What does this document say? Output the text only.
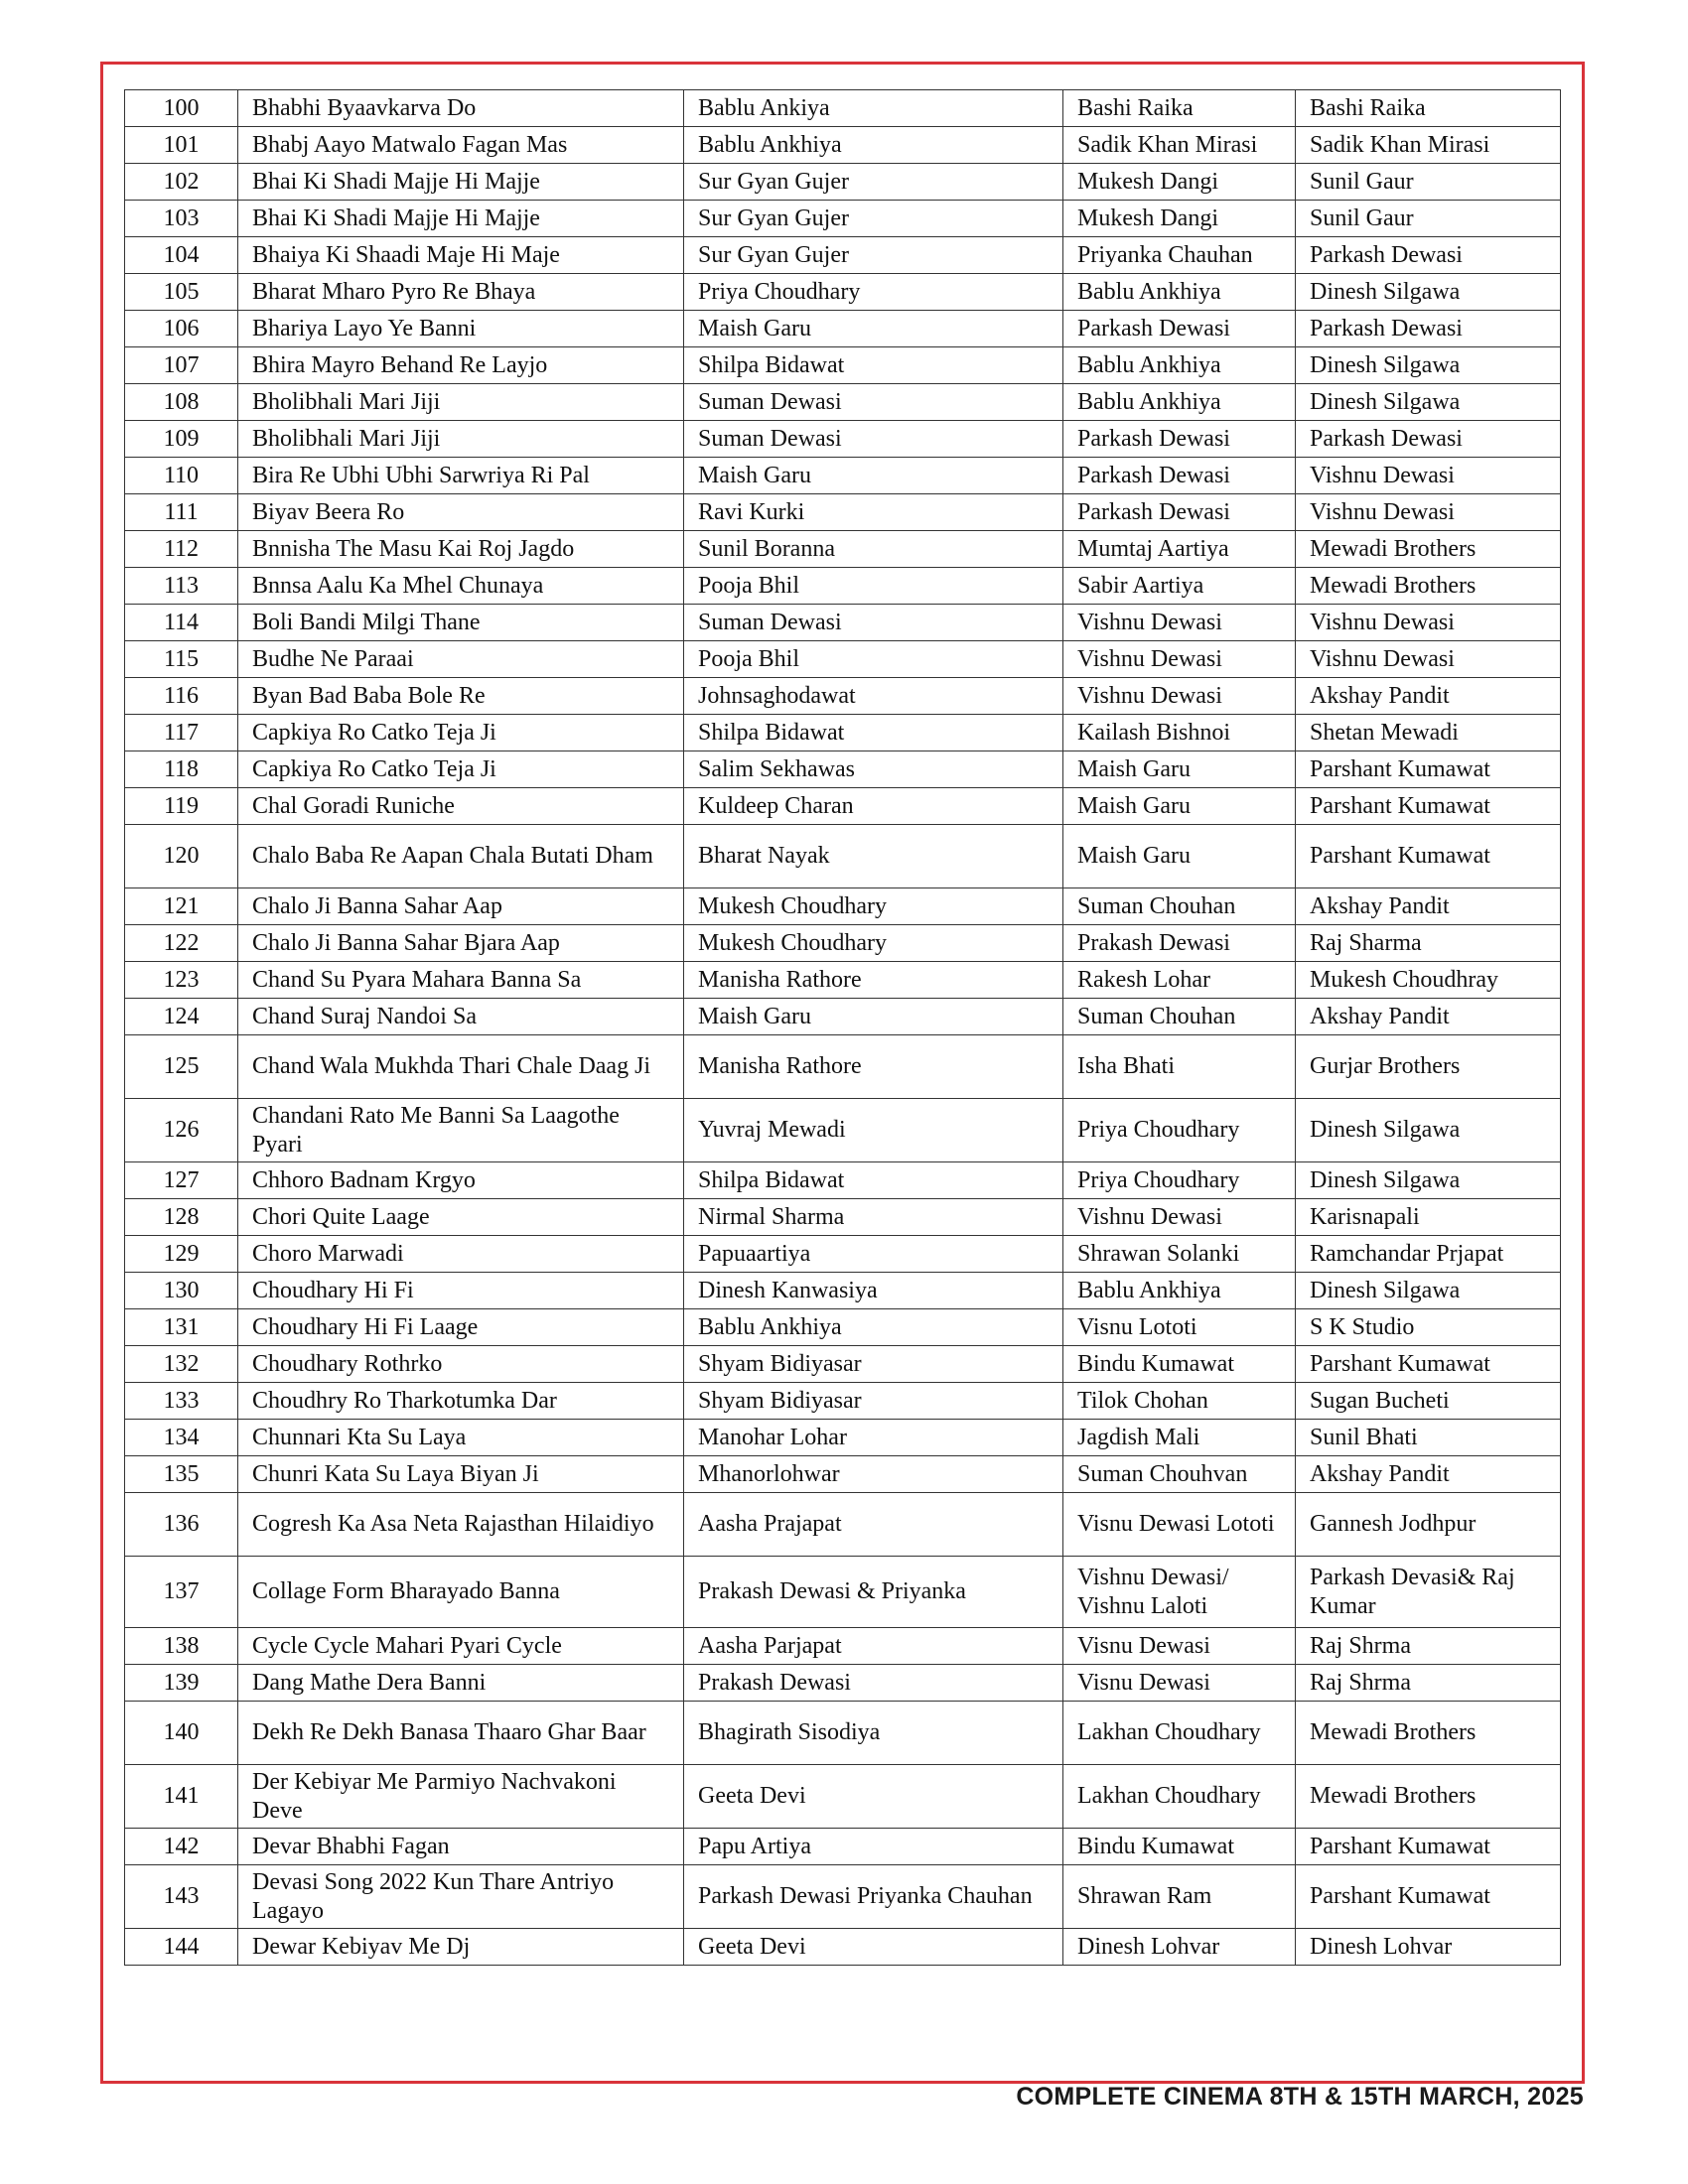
100	Bhabhi Byaavkarva Do	Bablu Ankiya	Bashi Raika	Bashi Raika
101	Bhabj Aayo Matwalo Fagan Mas	Bablu Ankhiya	Sadik Khan Mirasi	Sadik Khan Mirasi
102	Bhai Ki Shadi Majje Hi Majje	Sur Gyan Gujer	Mukesh Dangi	Sunil Gaur
103	Bhai Ki Shadi Majje Hi Majje	Sur Gyan Gujer	Mukesh Dangi	Sunil Gaur
104	Bhaiya Ki Shaadi Maje Hi Maje	Sur Gyan Gujer	Priyanka Chauhan	Parkash Dewasi
105	Bharat Mharo Pyro Re Bhaya	Priya Choudhary	Bablu Ankhiya	Dinesh Silgawa
106	Bhariya Layo Ye Banni	Maish Garu	Parkash Dewasi	Parkash Dewasi
107	Bhira Mayro Behand Re Layjo	Shilpa Bidawat	Bablu Ankhiya	Dinesh Silgawa
108	Bholibhali Mari Jiji	Suman Dewasi	Bablu Ankhiya	Dinesh Silgawa
109	Bholibhali Mari Jiji	Suman Dewasi	Parkash Dewasi	Parkash Dewasi
110	Bira Re Ubhi Ubhi Sarwriya Ri Pal	Maish Garu	Parkash Dewasi	Vishnu Dewasi
111	Biyav Beera Ro	Ravi Kurki	Parkash Dewasi	Vishnu Dewasi
112	Bnnisha The Masu Kai Roj Jagdo	Sunil Boranna	Mumtaj Aartiya	Mewadi Brothers
113	Bnnsa Aalu Ka Mhel Chunaya	Pooja Bhil	Sabir Aartiya	Mewadi Brothers
114	Boli Bandi Milgi Thane	Suman Dewasi	Vishnu Dewasi	Vishnu Dewasi
115	Budhe Ne Paraai	Pooja Bhil	Vishnu Dewasi	Vishnu Dewasi
116	Byan Bad Baba Bole Re	Johnsaghodawat	Vishnu Dewasi	Akshay Pandit
117	Capkiya Ro Catko Teja Ji	Shilpa Bidawat	Kailash Bishnoi	Shetan Mewadi
118	Capkiya Ro Catko Teja Ji	Salim Sekhawas	Maish Garu	Parshant Kumawat
119	Chal Goradi Runiche	Kuldeep Charan	Maish Garu	Parshant Kumawat
120	Chalo Baba Re Aapan Chala Butati Dham	Bharat Nayak	Maish Garu	Parshant Kumawat
121	Chalo Ji Banna Sahar Aap	Mukesh Choudhary	Suman Chouhan	Akshay Pandit
122	Chalo Ji Banna Sahar Bjara Aap	Mukesh Choudhary	Prakash Dewasi	Raj Sharma
123	Chand Su Pyara Mahara Banna Sa	Manisha Rathore	Rakesh Lohar	Mukesh Choudhray
124	Chand Suraj Nandoi Sa	Maish Garu	Suman Chouhan	Akshay Pandit
125	Chand Wala Mukhda Thari Chale Daag Ji	Manisha Rathore	Isha Bhati	Gurjar Brothers
126	Chandani Rato Me Banni Sa Laagothe Pyari	Yuvraj Mewadi	Priya Choudhary	Dinesh Silgawa
127	Chhoro Badnam Krgyo	Shilpa Bidawat	Priya Choudhary	Dinesh Silgawa
128	Chori Quite Laage	Nirmal Sharma	Vishnu Dewasi	Karisnapali
129	Choro Marwadi	Papuaartiya	Shrawan Solanki	Ramchandar Prjapat
130	Choudhary Hi Fi	Dinesh Kanwasiya	Bablu Ankhiya	Dinesh Silgawa
131	Choudhary Hi Fi Laage	Bablu Ankhiya	Visnu Lototi	S K Studio
132	Choudhary Rothrko	Shyam Bidiyasar	Bindu Kumawat	Parshant Kumawat
133	Choudhry Ro Tharkotumka Dar	Shyam Bidiyasar	Tilok Chohan	Sugan Bucheti
134	Chunnari Kta Su Laya	Manohar Lohar	Jagdish Mali	Sunil Bhati
135	Chunri Kata Su Laya Biyan Ji	Mhanorlohwar	Suman Chouhvan	Akshay Pandit
136	Cogresh Ka Asa Neta Rajasthan Hilaidiyo	Aasha Prajapat	Visnu Dewasi Lototi	Gannesh Jodhpur
137	Collage Form Bharayado Banna	Prakash Dewasi & Priyanka	Vishnu Dewasi/ Vishnu Laloti	Parkash Devasi& Raj Kumar
138	Cycle Cycle Mahari Pyari Cycle	Aasha Parjapat	Visnu Dewasi	Raj Shrma
139	Dang Mathe Dera Banni	Prakash Dewasi	Visnu Dewasi	Raj Shrma
140	Dekh Re Dekh Banasa Thaaro Ghar Baar	Bhagirath Sisodiya	Lakhan Choudhary	Mewadi Brothers
141	Der Kebiyar Me Parmiyo Nachvakoni Deve	Geeta Devi	Lakhan Choudhary	Mewadi Brothers
142	Devar Bhabhi Fagan	Papu Artiya	Bindu Kumawat	Parshant Kumawat
143	Devasi Song 2022 Kun Thare Antriyo Lagayo	Parkash Dewasi Priyanka Chauhan	Shrawan Ram	Parshant Kumawat
144	Dewar Kebiyav Me Dj	Geeta Devi	Dinesh Lohvar	Dinesh Lohvar
COMPLETE CINEMA 8TH & 15TH MARCH, 2025
